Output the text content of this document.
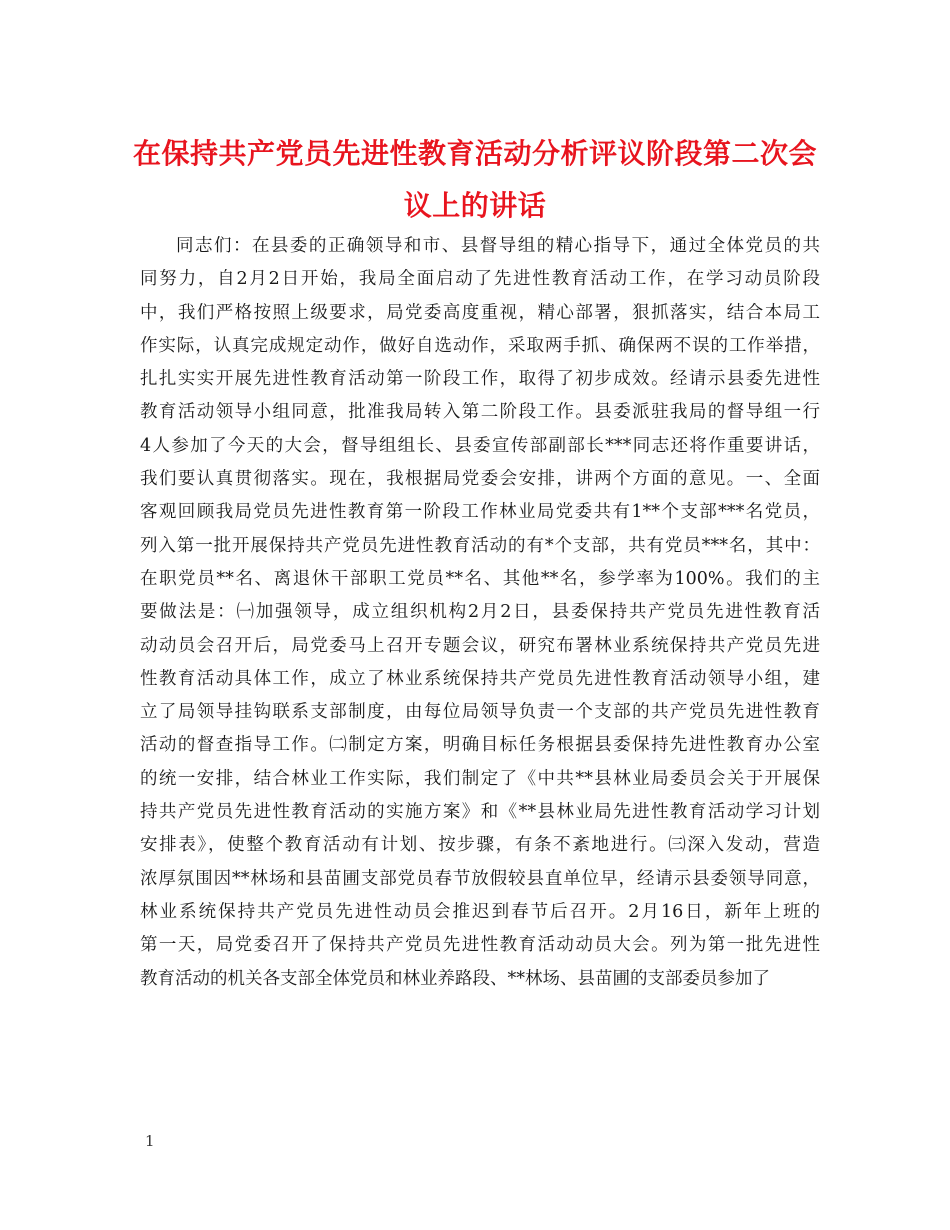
在保持共产党员先进性教育活动分析评议阶段第二次会
议上的讲话
同志们：在县委的正确领导和市、县督导组的精心指导下，通过全体党员的共
同努力，自2月2日开始，我局全面启动了先进性教育活动工作，在学习动员阶段
中，我们严格按照上级要求，局党委高度重视，精心部署，狠抓落实，结合本局工
作实际，认真完成规定动作，做好自选动作，采取两手抓、确保两不误的工作举措，
扎扎实实开展先进性教育活动第一阶段工作，取得了初步成效。经请示县委先进性
教育活动领导小组同意，批准我局转入第二阶段工作。县委派驻我局的督导组一行
4人参加了今天的大会，督导组组长、县委宣传部副部长***同志还将作重要讲话，
我们要认真贯彻落实。现在，我根据局党委会安排，讲两个方面的意见。一、全面
客观回顾我局党员先进性教育第一阶段工作林业局党委共有1**个支部***名党员，
列入第一批开展保持共产党员先进性教育活动的有*个支部，共有党员***名，其中：
在职党员**名、离退休干部职工党员**名、其他**名，参学率为100%。我们的主
要做法是：㈠加强领导，成立组织机构2月2日，县委保持共产党员先进性教育活
动动员会召开后，局党委马上召开专题会议，研究布署林业系统保持共产党员先进
性教育活动具体工作，成立了林业系统保持共产党员先进性教育活动领导小组，建
立了局领导挂钩联系支部制度，由每位局领导负责一个支部的共产党员先进性教育
活动的督查指导工作。㈡制定方案，明确目标任务根据县委保持先进性教育办公室
的统一安排，结合林业工作实际，我们制定了《中共**县林业局委员会关于开展保
持共产党员先进性教育活动的实施方案》和《**县林业局先进性教育活动学习计划
安排表》，使整个教育活动有计划、按步骤，有条不紊地进行。㈢深入发动，营造
浓厚氛围因**林场和县苗圃支部党员春节放假较县直单位早，经请示县委领导同意，
林业系统保持共产党员先进性动员会推迟到春节后召开。2月16日，新年上班的
第一天，局党委召开了保持共产党员先进性教育活动动员大会。列为第一批先进性
教育活动的机关各支部全体党员和林业养路段、**林场、县苗圃的支部委员参加了
1
